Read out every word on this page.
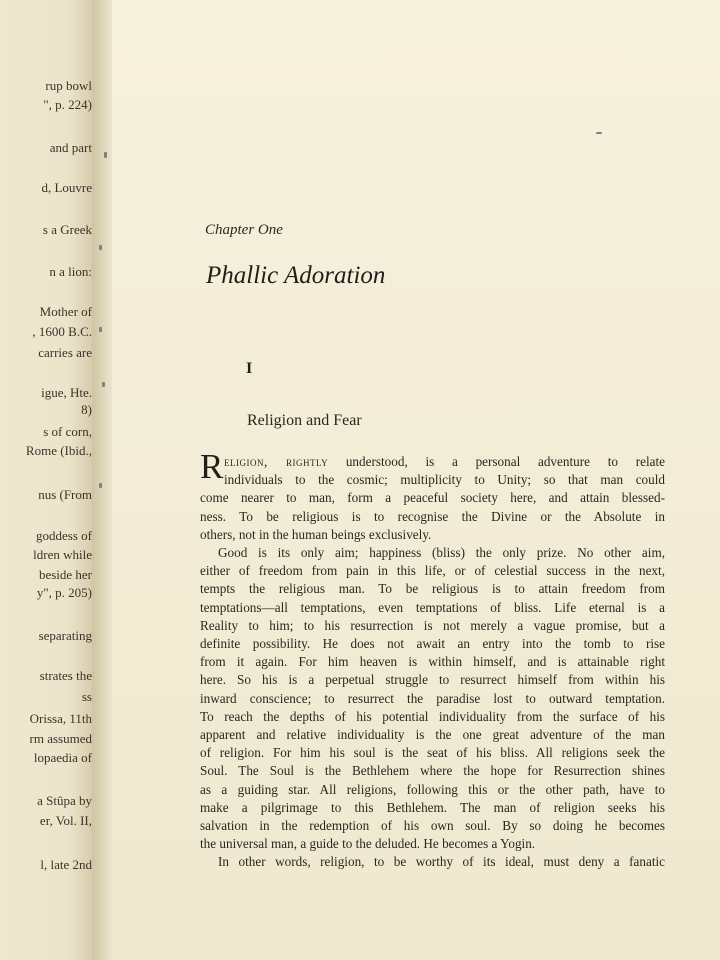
rup bowl
", p. 224)
and part
d, Louvre
s a Greek
n a lion:
Mother of
, 1600 B.C.
carries are
igue, Hte.
8)
s of corn,
Rome (Ibid.,
nus (From
goddess of
ldren while
beside her
y", p. 205)
separating
strates the
ss
Orissa, 11th
rm assumed
lopaedia of
a Stûpa by
er, Vol. II,
l, late 2nd
Chapter One
Phallic Adoration
I
Religion and Fear
R eligion, rightly understood, is a personal adventure to relate
individuals to the cosmic; multiplicity to Unity; so that man could
come nearer to man, form a peaceful society here, and attain blessed-
ness. To be religious is to recognise the Divine or the Absolute in
others, not in the human beings exclusively.
Good is its only aim; happiness (bliss) the only prize. No other aim,
either of freedom from pain in this life, or of celestial success in the next,
tempts the religious man. To be religious is to attain freedom from
temptations—all temptations, even temptations of bliss. Life eternal is a
Reality to him; to his resurrection is not merely a vague promise, but a
definite possibility. He does not await an entry into the tomb to rise
from it again. For him heaven is within himself, and is attainable right
here. So his is a perpetual struggle to resurrect himself from within his
inward conscience; to resurrect the paradise lost to outward temptation.
To reach the depths of his potential individuality from the surface of his
apparent and relative individuality is the one great adventure of the man
of religion. For him his soul is the seat of his bliss. All religions seek the
Soul. The Soul is the Bethlehem where the hope for Resurrection shines
as a guiding star. All religions, following this or the other path, have to
make a pilgrimage to this Bethlehem. The man of religion seeks his
salvation in the redemption of his own soul. By so doing he becomes
the universal man, a guide to the deluded. He becomes a Yogin.
In other words, religion, to be worthy of its ideal, must deny a fanatic
